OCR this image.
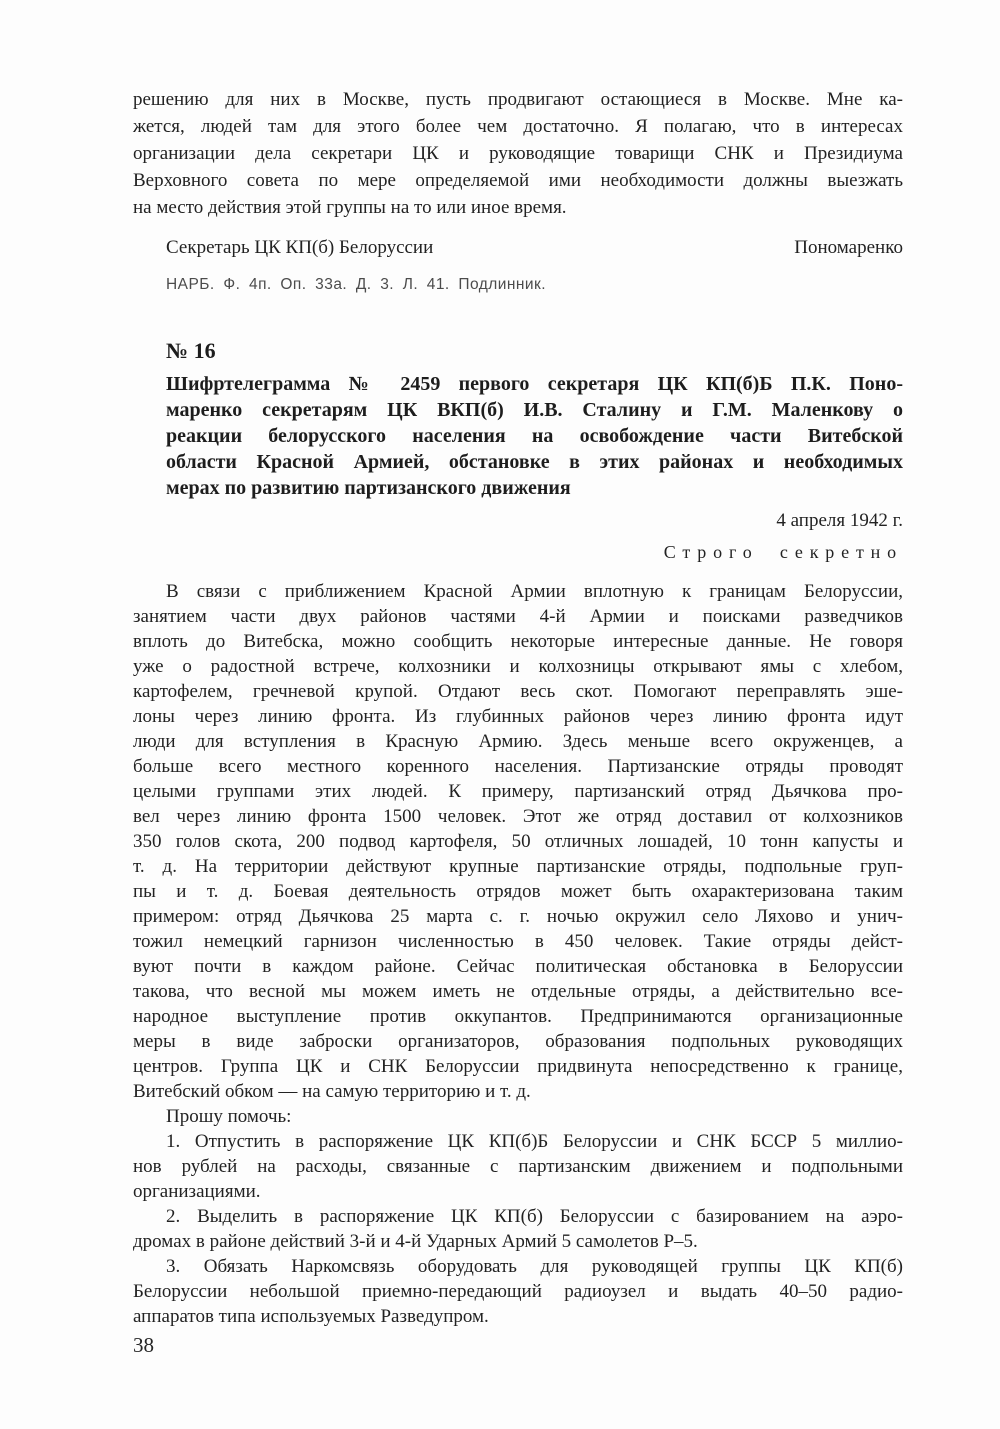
решению для них в Москве, пусть продвигают остающиеся в Москве. Мне ка-
жется, людей там для этого более чем достаточно. Я полагаю, что в интересах
организации дела секретари ЦК и руководящие товарищи СНК и Президиума
Верховного совета по мере определяемой ими необходимости должны выезжать
на место действия этой группы на то или иное время.
Секретарь ЦК КП(б) Белоруссии	Пономаренко
НАРБ. Ф. 4п. Оп. 33а. Д. 3. Л. 41. Подлинник.
№ 16
Шифртелеграмма № 2459 первого секретаря ЦК КП(б)Б П.К. Поно-
маренко секретарям ЦК ВКП(б) И.В. Сталину и Г.М. Маленкову о
реакции белорусского населения на освобождение части Витебской
области Красной Армией, обстановке в этих районах и необходимых
мерах по развитию партизанского движения
4 апреля 1942 г.
Строго секретно
В связи с приближением Красной Армии вплотную к границам Белоруссии,
занятием части двух районов частями 4-й Армии и поисками разведчиков
вплоть до Витебска, можно сообщить некоторые интересные данные. Не говоря
уже о радостной встрече, колхозники и колхозницы открывают ямы с хлебом,
картофелем, гречневой крупой. Отдают весь скот. Помогают переправлять эше-
лоны через линию фронта. Из глубинных районов через линию фронта идут
люди для вступления в Красную Армию. Здесь меньше всего окруженцев, а
больше всего местного коренного населения. Партизанские отряды проводят
целыми группами этих людей. К примеру, партизанский отряд Дьячкова про-
вел через линию фронта 1500 человек. Этот же отряд доставил от колхозников
350 голов скота, 200 подвод картофеля, 50 отличных лошадей, 10 тонн капусты и
т. д. На территории действуют крупные партизанские отряды, подпольные груп-
пы и т. д. Боевая деятельность отрядов может быть охарактеризована таким
примером: отряд Дьячкова 25 марта с. г. ночью окружил село Ляхово и унич-
тожил немецкий гарнизон численностью в 450 человек. Такие отряды дейст-
вуют почти в каждом районе. Сейчас политическая обстановка в Белоруссии
такова, что весной мы можем иметь не отдельные отряды, а действительно все-
народное выступление против оккупантов. Предпринимаются организационные
меры в виде заброски организаторов, образования подпольных руководящих
центров. Группа ЦК и СНК Белоруссии придвинута непосредственно к границе,
Витебский обком — на самую территорию и т. д.
Прошу помочь:
1. Отпустить в распоряжение ЦК КП(б)Б Белоруссии и СНК БССР 5 миллио-
нов рублей на расходы, связанные с партизанским движением и подпольными
организациями.
2. Выделить в распоряжение ЦК КП(б) Белоруссии с базированием на аэро-
дромах в районе действий 3-й и 4-й Ударных Армий 5 самолетов Р–5.
3. Обязать Наркомсвязь оборудовать для руководящей группы ЦК КП(б)
Белоруссии небольшой приемно-передающий радиоузел и выдать 40–50 радио-
аппаратов типа используемых Разведупром.
38
